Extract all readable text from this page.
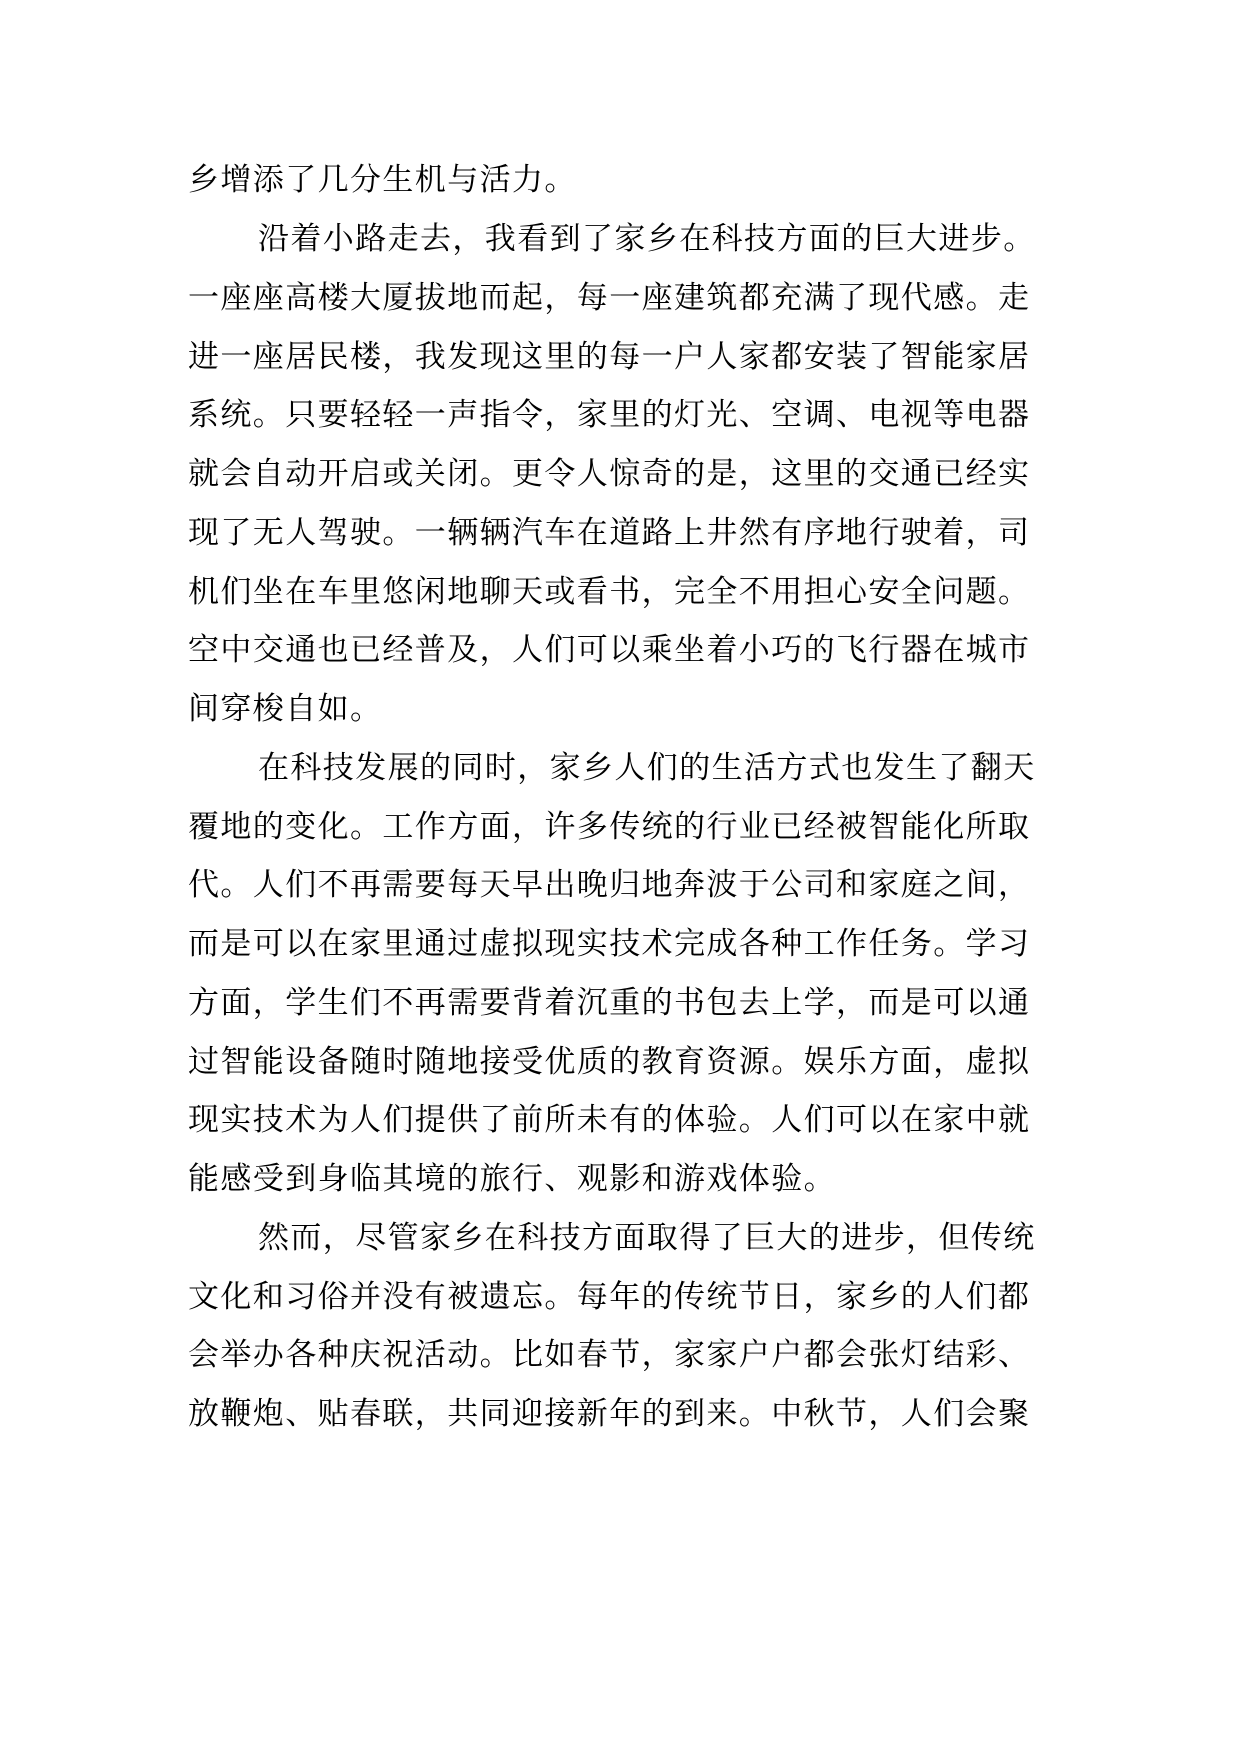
乡增添了几分生机与活力。
沿着小路走去，我看到了家乡在科技方面的巨大进步。
一座座高楼大厦拔地而起，每一座建筑都充满了现代感。走
进一座居民楼，我发现这里的每一户人家都安装了智能家居
系统。只要轻轻一声指令，家里的灯光、空调、电视等电器
就会自动开启或关闭。更令人惊奇的是，这里的交通已经实
现了无人驾驶。一辆辆汽车在道路上井然有序地行驶着，司
机们坐在车里悠闲地聊天或看书，完全不用担心安全问题。
空中交通也已经普及，人们可以乘坐着小巧的飞行器在城市
间穿梭自如。
在科技发展的同时，家乡人们的生活方式也发生了翻天
覆地的变化。工作方面，许多传统的行业已经被智能化所取
代。人们不再需要每天早出晚归地奔波于公司和家庭之间，
而是可以在家里通过虚拟现实技术完成各种工作任务。学习
方面，学生们不再需要背着沉重的书包去上学，而是可以通
过智能设备随时随地接受优质的教育资源。娱乐方面，虚拟
现实技术为人们提供了前所未有的体验。人们可以在家中就
能感受到身临其境的旅行、观影和游戏体验。
然而，尽管家乡在科技方面取得了巨大的进步，但传统
文化和习俗并没有被遗忘。每年的传统节日，家乡的人们都
会举办各种庆祝活动。比如春节，家家户户都会张灯结彩、
放鞭炮、贴春联，共同迎接新年的到来。中秋节，人们会聚
